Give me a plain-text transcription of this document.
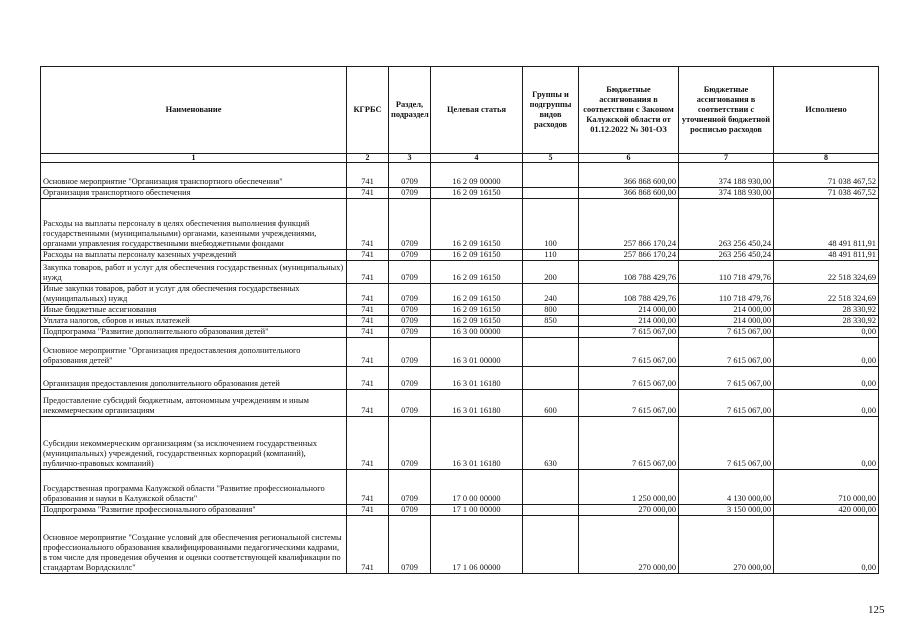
Наименование	КГРБС	Раздел, подраздел	Целевая статья	Группы и подгруппы видов расходов	Бюджетные ассигнования в соответствии с Законом Калужской области от 01.12.2022 № 301-ОЗ	Бюджетные ассигнования в соответствии с уточненной бюджетной росписью расходов	Исполнено
1	2	3	4	5	6	7	8
Основное мероприятие "Организация транспортного обеспечения"	741	0709	16 2 09 00000		366 868 600,00	374 188 930,00	71 038 467,52
Организация транспортного обеспечения	741	0709	16 2 09 16150		366 868 600,00	374 188 930,00	71 038 467,52
Расходы на выплаты персоналу в целях обеспечения выполнения функций государственными (муниципальными) органами, казенными учреждениями, органами управления государственными внебюджетными фондами	741	0709	16 2 09 16150	100	257 866 170,24	263 256 450,24	48 491 811,91
Расходы на выплаты персоналу казенных учреждений	741	0709	16 2 09 16150	110	257 866 170,24	263 256 450,24	48 491 811,91
Закупка товаров, работ и услуг для обеспечения государственных (муниципальных) нужд	741	0709	16 2 09 16150	200	108 788 429,76	110 718 479,76	22 518 324,69
Иные закупки товаров, работ и услуг для обеспечения государственных (муниципальных) нужд	741	0709	16 2 09 16150	240	108 788 429,76	110 718 479,76	22 518 324,69
Иные бюджетные ассигнования	741	0709	16 2 09 16150	800	214 000,00	214 000,00	28 330,92
Уплата налогов, сборов и иных платежей	741	0709	16 2 09 16150	850	214 000,00	214 000,00	28 330,92
Подпрограмма "Развитие дополнительного образования детей"	741	0709	16 3 00 00000		7 615 067,00	7 615 067,00	0,00
Основное мероприятие "Организация предоставления дополнительного образования детей"	741	0709	16 3 01 00000		7 615 067,00	7 615 067,00	0,00
Организация предоставления дополнительного образования детей	741	0709	16 3 01 16180		7 615 067,00	7 615 067,00	0,00
Предоставление субсидий бюджетным, автономным учреждениям и иным некоммерческим организациям	741	0709	16 3 01 16180	600	7 615 067,00	7 615 067,00	0,00
Субсидии некоммерческим организациям (за исключением государственных (муниципальных) учреждений, государственных корпораций (компаний), публично-правовых компаний)	741	0709	16 3 01 16180	630	7 615 067,00	7 615 067,00	0,00
Государственная программа Калужской области "Развитие профессионального образования и науки в Калужской области"	741	0709	17 0 00 00000		1 250 000,00	4 130 000,00	710 000,00
Подпрограмма "Развитие профессионального образования"	741	0709	17 1 00 00000		270 000,00	3 150 000,00	420 000,00
Основное мероприятие "Создание условий для обеспечения региональной системы профессионального образования квалифицированными педагогическими кадрами, в том числе для проведения обучения и оценки соответствующей квалификации по стандартам Ворлдскиллс"	741	0709	17 1 06 00000		270 000,00	270 000,00	0,00
125
